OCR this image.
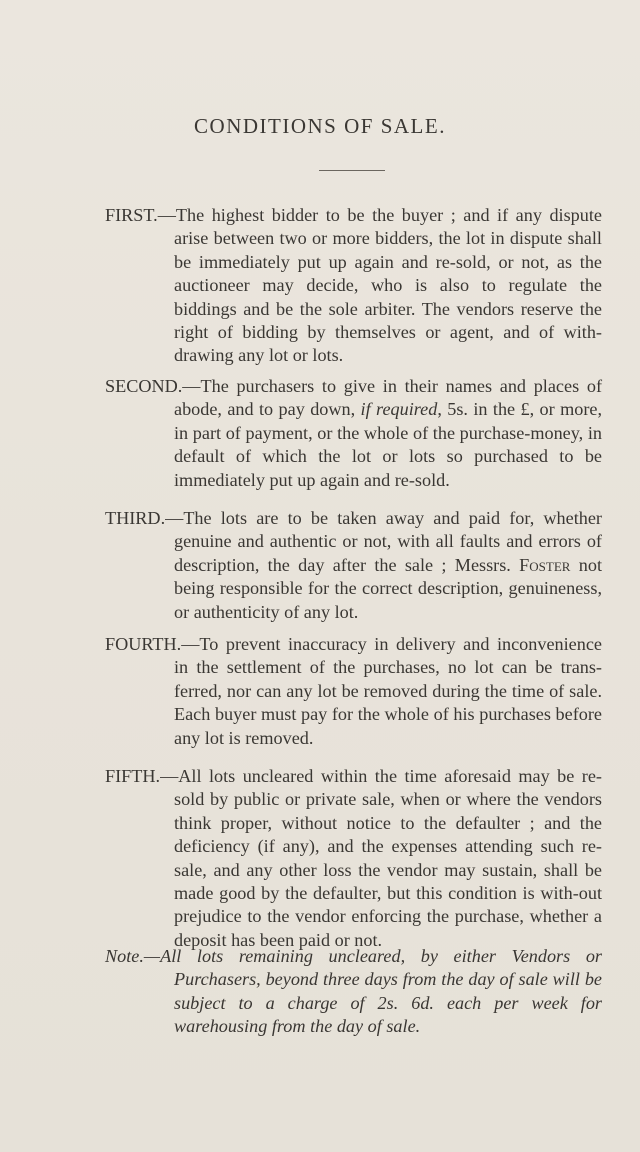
CONDITIONS OF SALE.
FIRST.—The highest bidder to be the buyer ; and if any dispute arise between two or more bidders, the lot in dispute shall be immediately put up again and re-sold, or not, as the auctioneer may decide, who is also to regulate the biddings and be the sole arbiter. The vendors reserve the right of bidding by themselves or agent, and of with-drawing any lot or lots.
SECOND.—The purchasers to give in their names and places of abode, and to pay down, if required, 5s. in the £, or more, in part of payment, or the whole of the purchase-money, in default of which the lot or lots so purchased to be immediately put up again and re-sold.
THIRD.—The lots are to be taken away and paid for, whether genuine and authentic or not, with all faults and errors of description, the day after the sale ; Messrs. Foster not being responsible for the correct description, genuineness, or authenticity of any lot.
FOURTH.—To prevent inaccuracy in delivery and inconvenience in the settlement of the purchases, no lot can be trans-ferred, nor can any lot be removed during the time of sale. Each buyer must pay for the whole of his purchases before any lot is removed.
FIFTH.—All lots uncleared within the time aforesaid may be re-sold by public or private sale, when or where the vendors think proper, without notice to the defaulter ; and the deficiency (if any), and the expenses attending such re-sale, and any other loss the vendor may sustain, shall be made good by the defaulter, but this condition is with-out prejudice to the vendor enforcing the purchase, whether a deposit has been paid or not.
Note.—All lots remaining uncleared, by either Vendors or Purchasers, beyond three days from the day of sale will be subject to a charge of 2s. 6d. each per week for warehousing from the day of sale.
